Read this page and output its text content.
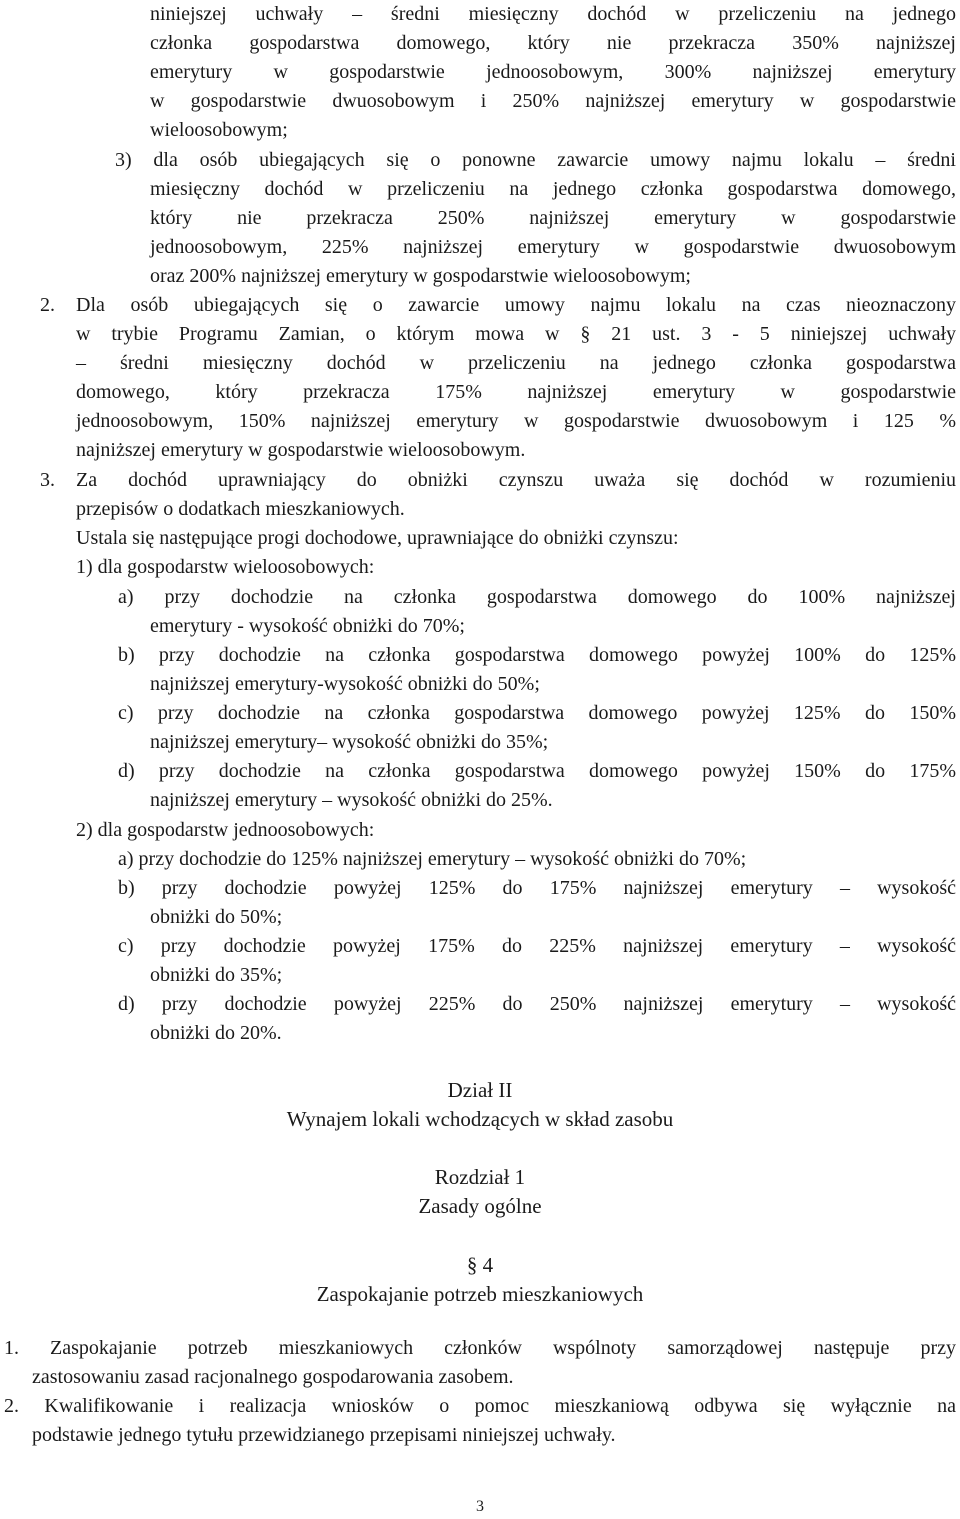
niniejszej uchwały – średni miesięczny dochód w przeliczeniu na jednego
członka gospodarstwa domowego, który nie przekracza 350% najniższej
emerytury w gospodarstwie jednoosobowym, 300% najniższej emerytury
w gospodarstwie dwuosobowym i 250% najniższej emerytury w gospodarstwie
wieloosobowym;
3) dla osób ubiegających się o ponowne zawarcie umowy najmu lokalu – średni
miesięczny dochód w przeliczeniu na jednego członka gospodarstwa domowego,
który nie przekracza 250% najniższej emerytury w gospodarstwie
jednoosobowym, 225% najniższej emerytury w gospodarstwie dwuosobowym
oraz 200% najniższej emerytury w gospodarstwie wieloosobowym;
2. Dla osób ubiegających się o zawarcie umowy najmu lokalu na czas nieoznaczony
w trybie Programu Zamian, o którym mowa w § 21 ust. 3 - 5 niniejszej uchwały
– średni miesięczny dochód w przeliczeniu na jednego członka gospodarstwa
domowego, który przekracza 175% najniższej emerytury w gospodarstwie
jednoosobowym, 150% najniższej emerytury w gospodarstwie dwuosobowym i 125 %
najniższej emerytury w gospodarstwie wieloosobowym.
3. Za dochód uprawniający do obniżki czynszu uważa się dochód w rozumieniu
przepisów o dodatkach mieszkaniowych.
Ustala się następujące progi dochodowe, uprawniające do obniżki czynszu:
1) dla gospodarstw wieloosobowych:
a) przy dochodzie na członka gospodarstwa domowego do 100% najniższej
emerytury - wysokość obniżki do 70%;
b) przy dochodzie na członka gospodarstwa domowego powyżej 100% do 125%
najniższej emerytury-wysokość obniżki do 50%;
c) przy dochodzie na członka gospodarstwa domowego powyżej 125% do 150%
najniższej emerytury– wysokość obniżki do 35%;
d) przy dochodzie na członka gospodarstwa domowego powyżej 150% do 175%
najniższej emerytury – wysokość obniżki do 25%.
2) dla gospodarstw jednoosobowych:
a) przy dochodzie do 125% najniższej emerytury – wysokość obniżki do 70%;
b) przy dochodzie powyżej 125% do 175% najniższej emerytury – wysokość
obniżki do 50%;
c) przy dochodzie powyżej 175% do 225% najniższej emerytury – wysokość
obniżki do 35%;
d) przy dochodzie powyżej 225% do 250% najniższej emerytury – wysokość
obniżki do 20%.
Dział II
Wynajem lokali wchodzących w skład zasobu
Rozdział 1
Zasady ogólne
§ 4
Zaspokajanie potrzeb mieszkaniowych
1. Zaspokajanie potrzeb mieszkaniowych członków wspólnoty samorządowej następuje przy
zastosowaniu zasad racjonalnego gospodarowania zasobem.
2. Kwalifikowanie i realizacja wniosków o pomoc mieszkaniową odbywa się wyłącznie na
podstawie jednego tytułu przewidzianego przepisami niniejszej uchwały.
3
